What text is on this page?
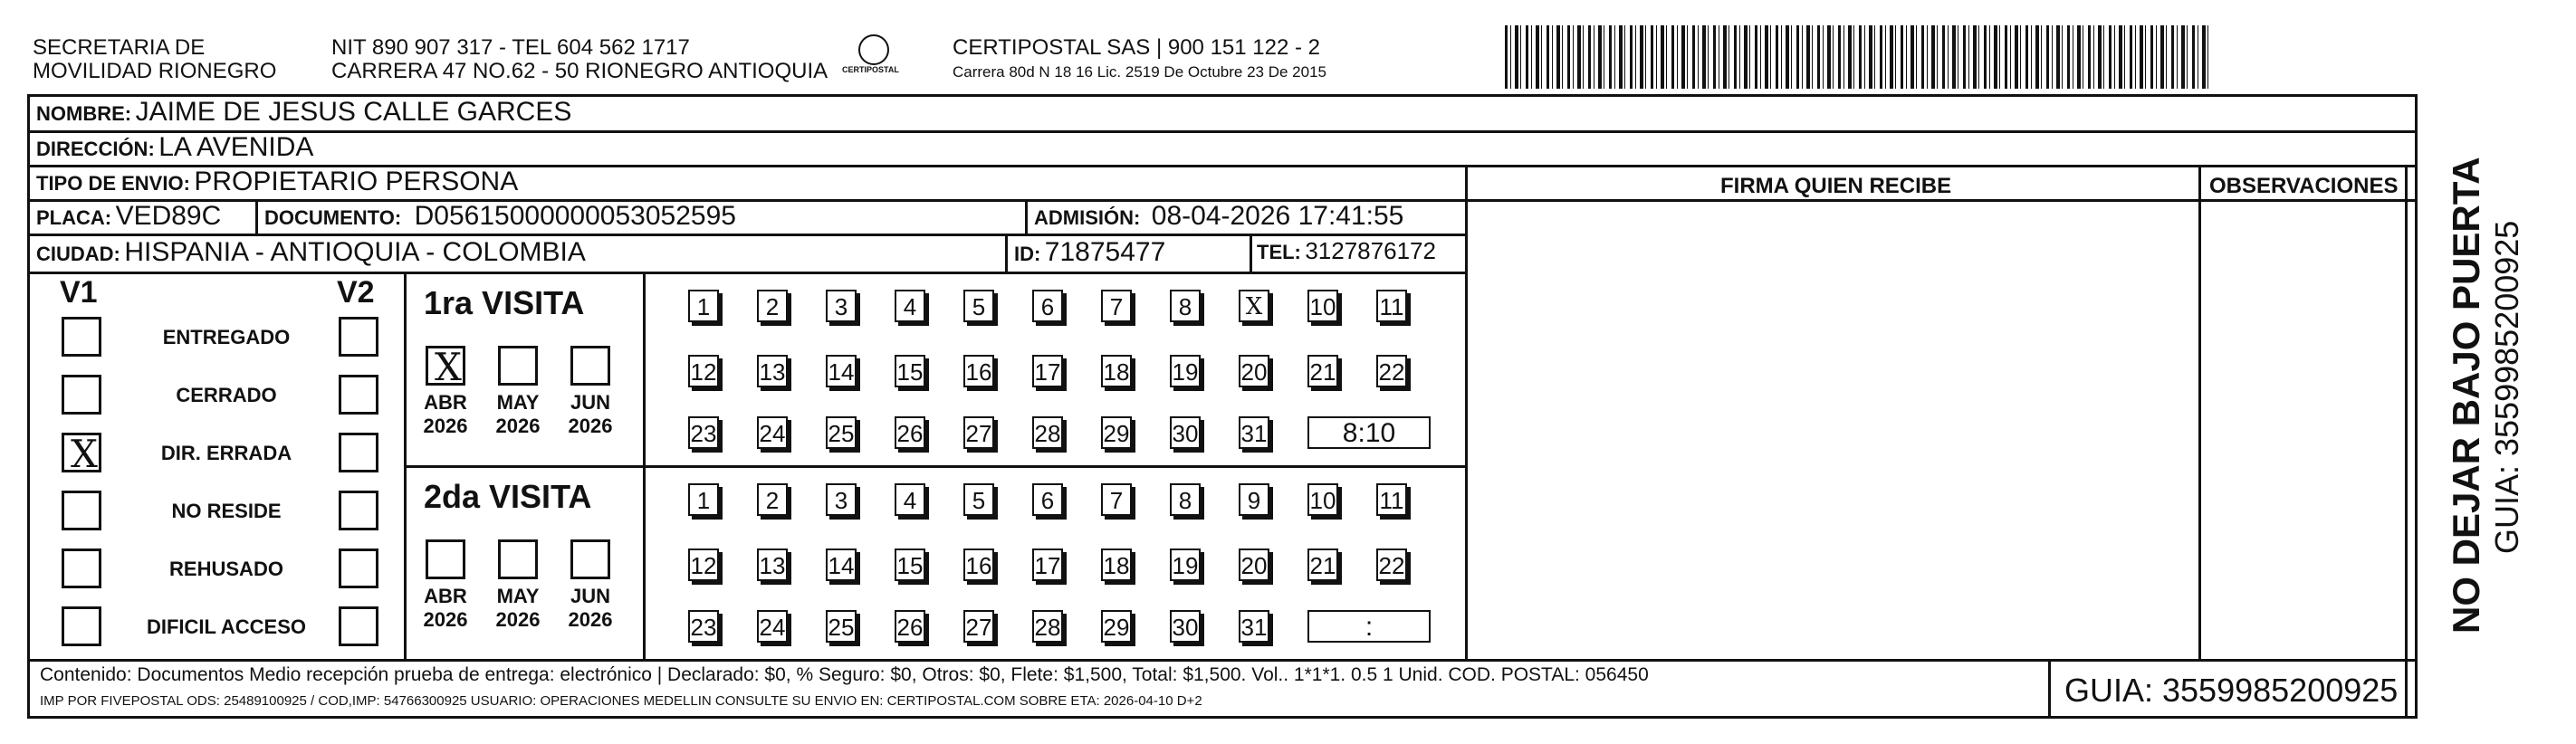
SECRETARIA DE
MOVILIDAD RIONEGRO
NIT 890 907 317 - TEL 604 562 1717
CARRERA 47 NO.62 - 50 RIONEGRO ANTIOQUIA CERTIPOSTAL
CERTIPOSTAL SAS | 900 151 122 - 2
Carrera 80d N 18 16 Lic. 2519 De Octubre 23 De 2015
NOMBRE: JAIME DE JESUS CALLE GARCES
DIRECCIÓN: LA AVENIDA
TIPO DE ENVIO: PROPIETARIO PERSONA	FIRMA QUIEN RECIBE	OBSERVACIONES
PLACA: VED89C DOCUMENTO: D05615000000053052595	ADMISIÓN: 08-04-2026 17:41:55
CIUDAD: HISPANIA - ANTIOQUIA - COLOMBIA	ID: 71875477	TEL: 3127876172
V1	V2
ENTREGADO
CERRADO
X	DIR. ERRADA
NO RESIDE
REHUSADO
DIFICIL ACCESO
1ra VISITA
X
ABR
2026
MAY
2026
JUN
2026
1	2	3	4	5	6	7	8	X 10 11
12 13 14 15 16 17 18 19 20 21 22
23 24 25 26 27 28 29 30 31	8:10
2da VISITA
ABR
2026
MAY
2026
JUN
2026
1	2	3	4	5	6	7	8	9	10 11
12 13 14 15 16 17 18 19 20 21 22
23 24 25 26 27 28 29 30 31	:	NO DEJAR BAJO PUERTA GUIA: 3559985200925
Contenido: Documentos Medio recepción prueba de entrega: electrónico | Declarado: $0, % Seguro: $0, Otros: $0, Flete: $1,500, Total: $1,500. Vol.. 1*1*1. 0.5 1 Unid. COD. POSTAL: 056450
IMP POR FIVEPOSTAL ODS: 25489100925 / COD,IMP: 54766300925 USUARIO: OPERACIONES MEDELLIN CONSULTE SU ENVIO EN: CERTIPOSTAL.COM SOBRE ETA: 2026-04-10 D+2	GUIA: 3559985200925
